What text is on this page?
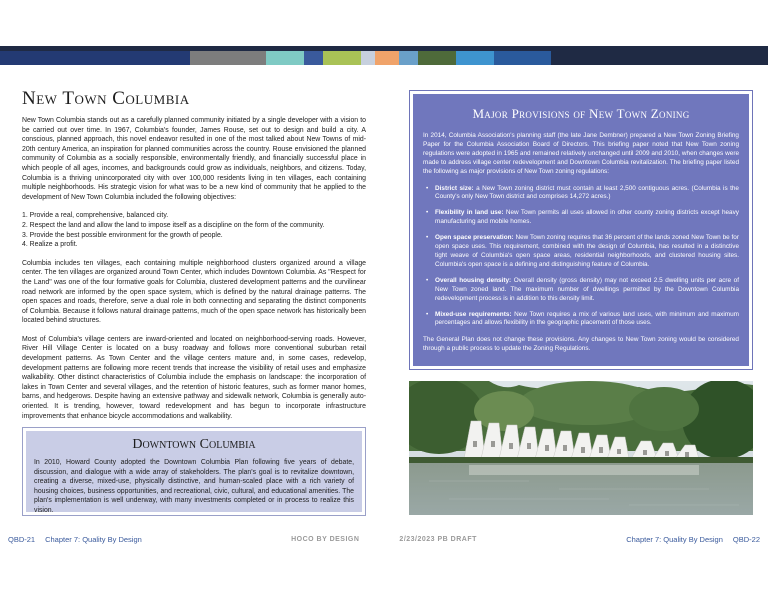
New Town Columbia

New Town Columbia stands out as a carefully planned community initiated by a single developer with a vision to be carried out over time. In 1967, Columbia's founder, James Rouse, set out to design and build a city. A conscious, planned approach, this novel endeavor resulted in one of the most talked about New Towns of mid-20th century America, an inspiration for planned communities across the country. Rouse envisioned the planned community of Columbia as a socially responsible, environmentally friendly, and financially successful place in which people of all ages, incomes, and backgrounds could grow as individuals, neighbors, and citizens. Today, Columbia is a thriving unincorporated city with over 100,000 residents living in ten villages, each containing multiple neighborhoods. His strategic vision for what was to be a new kind of community that he applied to the development of New Town Columbia included the following objectives:

1. Provide a real, comprehensive, balanced city.
2. Respect the land and allow the land to impose itself as a discipline on the form of the community.
3. Provide the best possible environment for the growth of people.
4. Realize a profit.

Columbia includes ten villages, each containing multiple neighborhood clusters organized around a village center. The ten villages are organized around Town Center, which includes Downtown Columbia. As "Respect for the Land" was one of the four formative goals for Columbia, clustered development patterns and the curvilinear road network are informed by the open space system, which is defined by the natural drainage patterns. The open spaces and roads, therefore, serve a dual role in both connecting and separating the distinct components of Columbia. Because it follows natural drainage patterns, much of the open space network has historically been located behind structures.

Most of Columbia's village centers are inward-oriented and located on neighborhood-serving roads. However, River Hill Village Center is located on a busy roadway and follows more conventional suburban retail development patterns. As Town Center and the village centers mature and, in some cases, redevelop, development patterns are following more recent trends that increase the visibility of retail uses and emphasize walkability. Other distinct characteristics of Columbia include the emphasis on landscape: the incorporation of lakes in Town Center and several villages, and the retention of historic features, such as former manor homes, barns, and hedgerows. Despite having an extensive pathway and sidewalk network, Columbia is generally auto-oriented. It is trending, however, toward redevelopment and has begun to incorporate infrastructure improvements that enhance bicycle accommodations and walkability.

Downtown Columbia

In 2010, Howard County adopted the Downtown Columbia Plan following five years of debate, discussion, and dialogue with a wide array of stakeholders. The plan's goal is to revitalize downtown, creating a diverse, mixed-use, physically distinctive, and human-scaled place with a rich variety of housing choices, business opportunities, and recreational, civic, cultural, and educational amenities. The plan's implementation is well underway, with many investments completed or in process to realize this vision.

Major Provisions of New Town Zoning

In 2014, Columbia Association's planning staff (the late Jane Dembner) prepared a New Town Zoning Briefing Paper for the Columbia Association Board of Directors. This briefing paper noted that New Town zoning regulations were adopted in 1965 and remained relatively unchanged until 2009 and 2010, when changes were made to address village center redevelopment and Downtown Columbia revitalization. The briefing paper listed the following as major provisions of New Town zoning regulations:

• District size: a New Town zoning district must contain at least 2,500 contiguous acres. (Columbia is the County's only New Town district and comprises 14,272 acres.)
• Flexibility in land use: New Town permits all uses allowed in other county zoning districts except heavy manufacturing and mobile homes.
• Open space preservation: New Town zoning requires that 36 percent of the lands zoned New Town be for open space uses. This requirement, combined with the design of Columbia, has resulted in a distinctive tight weave of Columbia's open space areas, residential neighborhoods, and clustered housing sites. Columbia's open space is a defining and distinguishing feature of Columbia.
• Overall housing density: Overall density (gross density) may not exceed 2.5 dwelling units per acre of New Town zoned land. The maximum number of dwellings permitted by the Downtown Columbia redevelopment process is in addition to this density limit.
• Mixed-use requirements: New Town requires a mix of various land uses, with minimum and maximum percentages and allows flexibility in the geographic placement of those uses.

The General Plan does not change these provisions. Any changes to New Town zoning would be considered through a public process to update the Zoning Regulations.

QBD-21 Chapter 7: Quality By Design	HOCO BY DESIGN	2/23/2023 PB DRAFT	Chapter 7: Quality By Design QBD-22
